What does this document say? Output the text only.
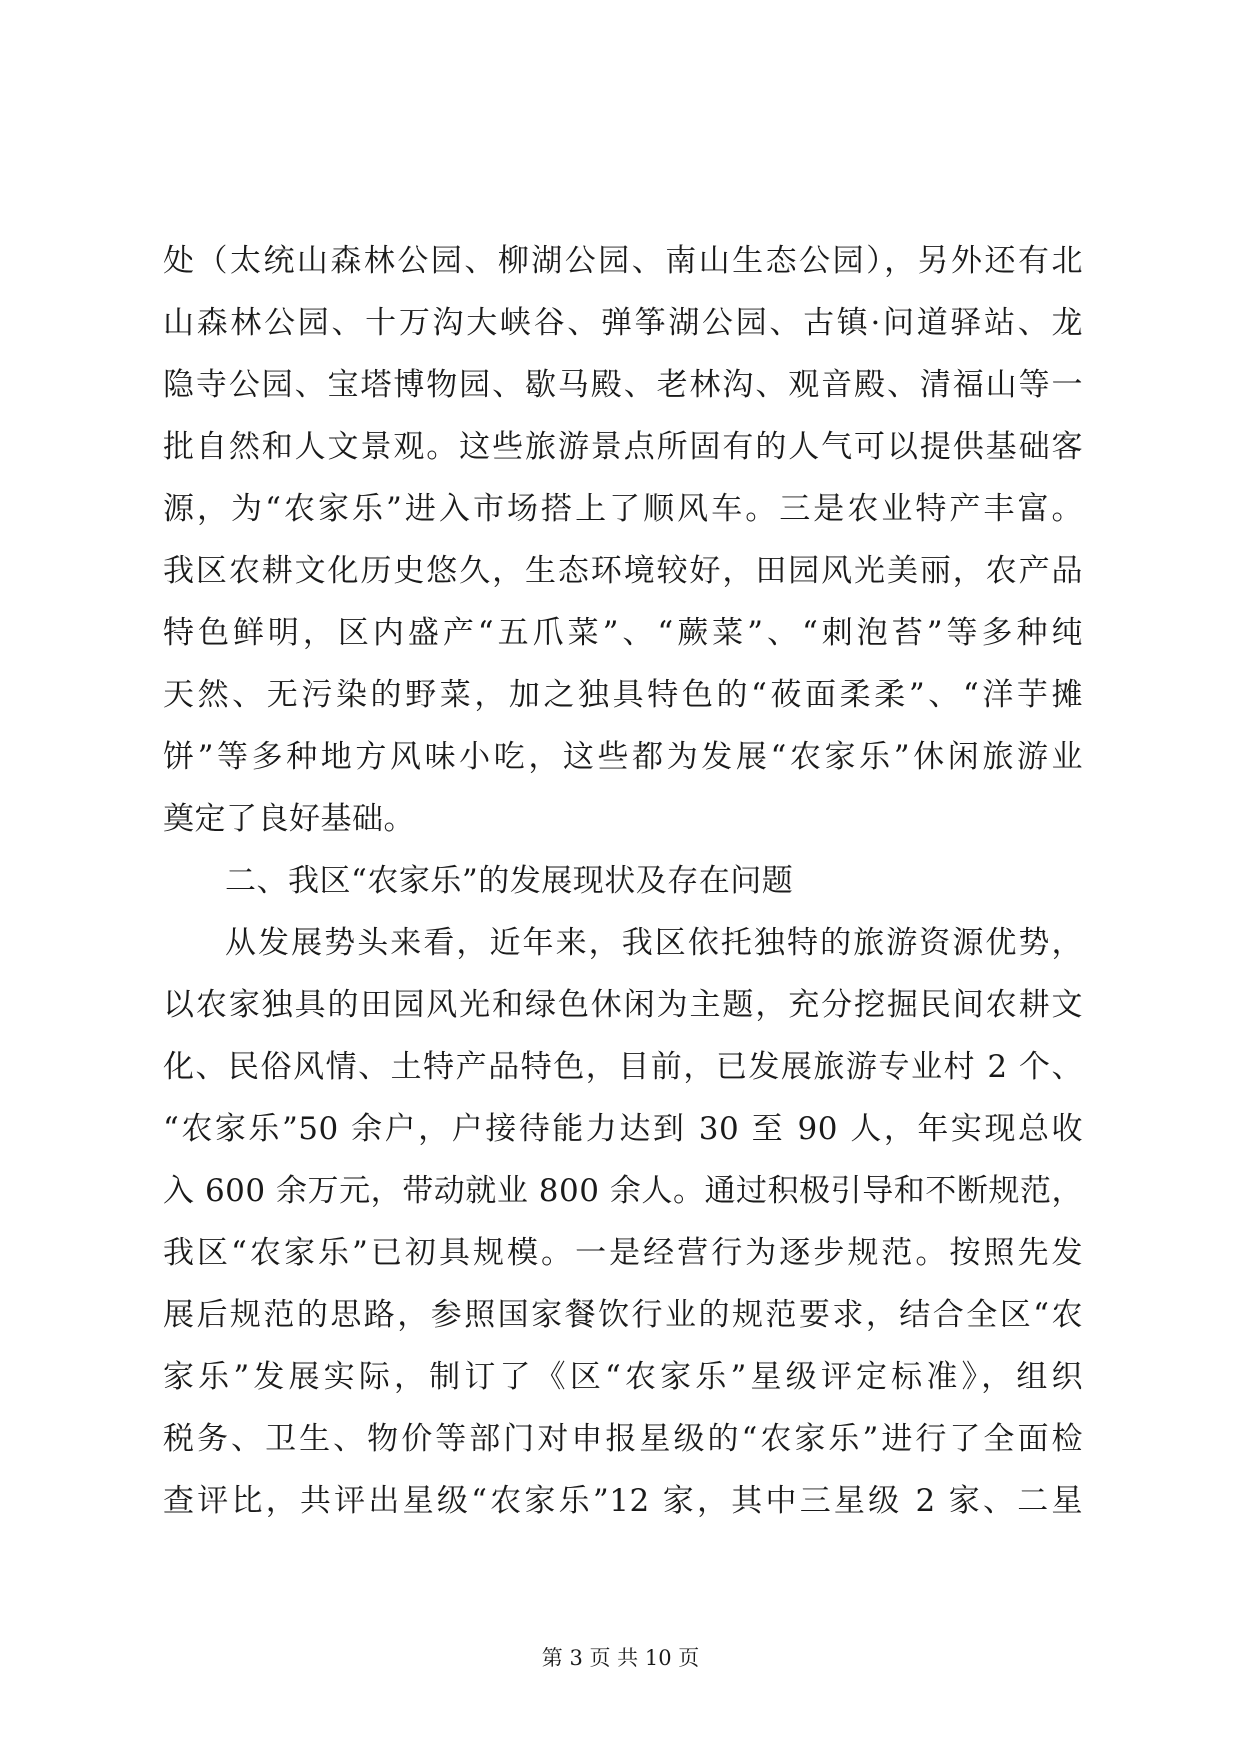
处（太统山森林公园、柳湖公园、南山生态公园），另外还有北
山森林公园、十万沟大峡谷、弹筝湖公园、古镇·问道驿站、龙
隐寺公园、宝塔博物园、歇马殿、老林沟、观音殿、清福山等一
批自然和人文景观。这些旅游景点所固有的人气可以提供基础客
源，为“农家乐”进入市场搭上了顺风车。三是农业特产丰富。
我区农耕文化历史悠久，生态环境较好，田园风光美丽，农产品
特色鲜明，区内盛产“五爪菜”、“蕨菜”、“刺泡苔”等多种纯
天然、无污染的野菜，加之独具特色的“莜面柔柔”、“洋芋摊
饼”等多种地方风味小吃，这些都为发展“农家乐”休闲旅游业
奠定了良好基础。
二、我区“农家乐”的发展现状及存在问题
从发展势头来看，近年来，我区依托独特的旅游资源优势，
以农家独具的田园风光和绿色休闲为主题，充分挖掘民间农耕文
化、民俗风情、土特产品特色，目前，已发展旅游专业村 2 个、
“农家乐”50 余户，户接待能力达到 30 至 90 人，年实现总收
入 600 余万元，带动就业 800 余人。通过积极引导和不断规范，
我区“农家乐”已初具规模。一是经营行为逐步规范。按照先发
展后规范的思路，参照国家餐饮行业的规范要求，结合全区“农
家乐”发展实际，制订了《区“农家乐”星级评定标准》，组织
税务、卫生、物价等部门对申报星级的“农家乐”进行了全面检
查评比，共评出星级“农家乐”12 家，其中三星级 2 家、二星
第 3 页 共 10 页
